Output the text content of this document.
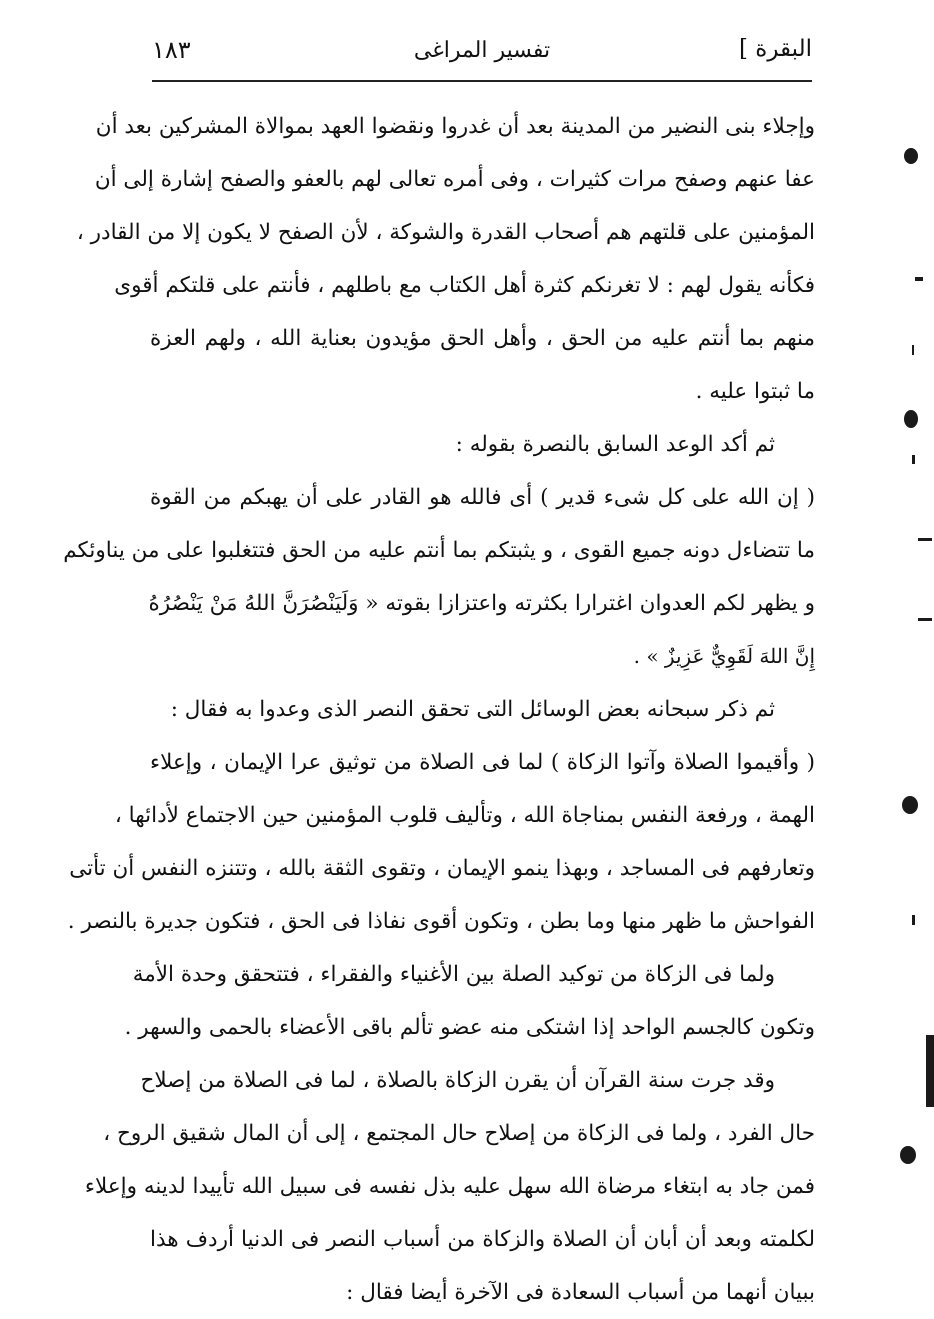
البقرة ]
تفسير المراغى
١٨٣
وإجلاء بنى النضير من المدينة بعد أن غدروا ونقضوا العهد بموالاة المشركين بعد أن
عفا عنهم وصفح مرات كثيرات ، وفى أمره تعالى لهم بالعفو والصفح إشارة إلى أن
المؤمنين على قلتهم هم أصحاب القدرة والشوكة ، لأن الصفح لا يكون إلا من القادر ،
فكأنه يقول لهم : لا تغرنكم كثرة أهل الكتاب مع باطلهم ، فأنتم على قلتكم أقوى
منهم بما أنتم عليه من الحق ، وأهل الحق مؤيدون بعناية الله ، ولهم العزة
ما ثبتوا عليه .
ثم أكد الوعد السابق بالنصرة بقوله :
( إن الله على كل شىء قدير ) أى فالله هو القادر على أن يهبكم من القوة
ما تتضاءل دونه جميع القوى ، و يثبتكم بما أنتم عليه من الحق فتتغلبوا على من يناوئكم
و يظهر لكم العدوان اغترارا بكثرته واعتزازا بقوته « وَلَيَنْصُرَنَّ اللهُ مَنْ يَنْصُرُهُ
إِنَّ اللهَ لَقَوِيٌّ عَزِيزٌ » .
ثم ذكر سبحانه بعض الوسائل التى تحقق النصر الذى وعدوا به فقال :
( وأقيموا الصلاة وآتوا الزكاة ) لما فى الصلاة من توثيق عرا الإيمان ، وإعلاء
الهمة ، ورفعة النفس بمناجاة الله ، وتأليف قلوب المؤمنين حين الاجتماع لأدائها ،
وتعارفهم فى المساجد ، وبهذا ينمو الإيمان ، وتقوى الثقة بالله ، وتتنزه النفس أن تأتى
الفواحش ما ظهر منها وما بطن ، وتكون أقوى نفاذا فى الحق ، فتكون جديرة بالنصر .
ولما فى الزكاة من توكيد الصلة بين الأغنياء والفقراء ، فتتحقق وحدة الأمة
وتكون كالجسم الواحد إذا اشتكى منه عضو تألم باقى الأعضاء بالحمى والسهر .
وقد جرت سنة القرآن أن يقرن الزكاة بالصلاة ، لما فى الصلاة من إصلاح
حال الفرد ، ولما فى الزكاة من إصلاح حال المجتمع ، إلى أن المال شقيق الروح ،
فمن جاد به ابتغاء مرضاة الله سهل عليه بذل نفسه فى سبيل الله تأييدا لدينه وإعلاء
لكلمته وبعد أن أبان أن الصلاة والزكاة من أسباب النصر فى الدنيا أردف هذا
ببيان أنهما من أسباب السعادة فى الآخرة أيضا فقال :
